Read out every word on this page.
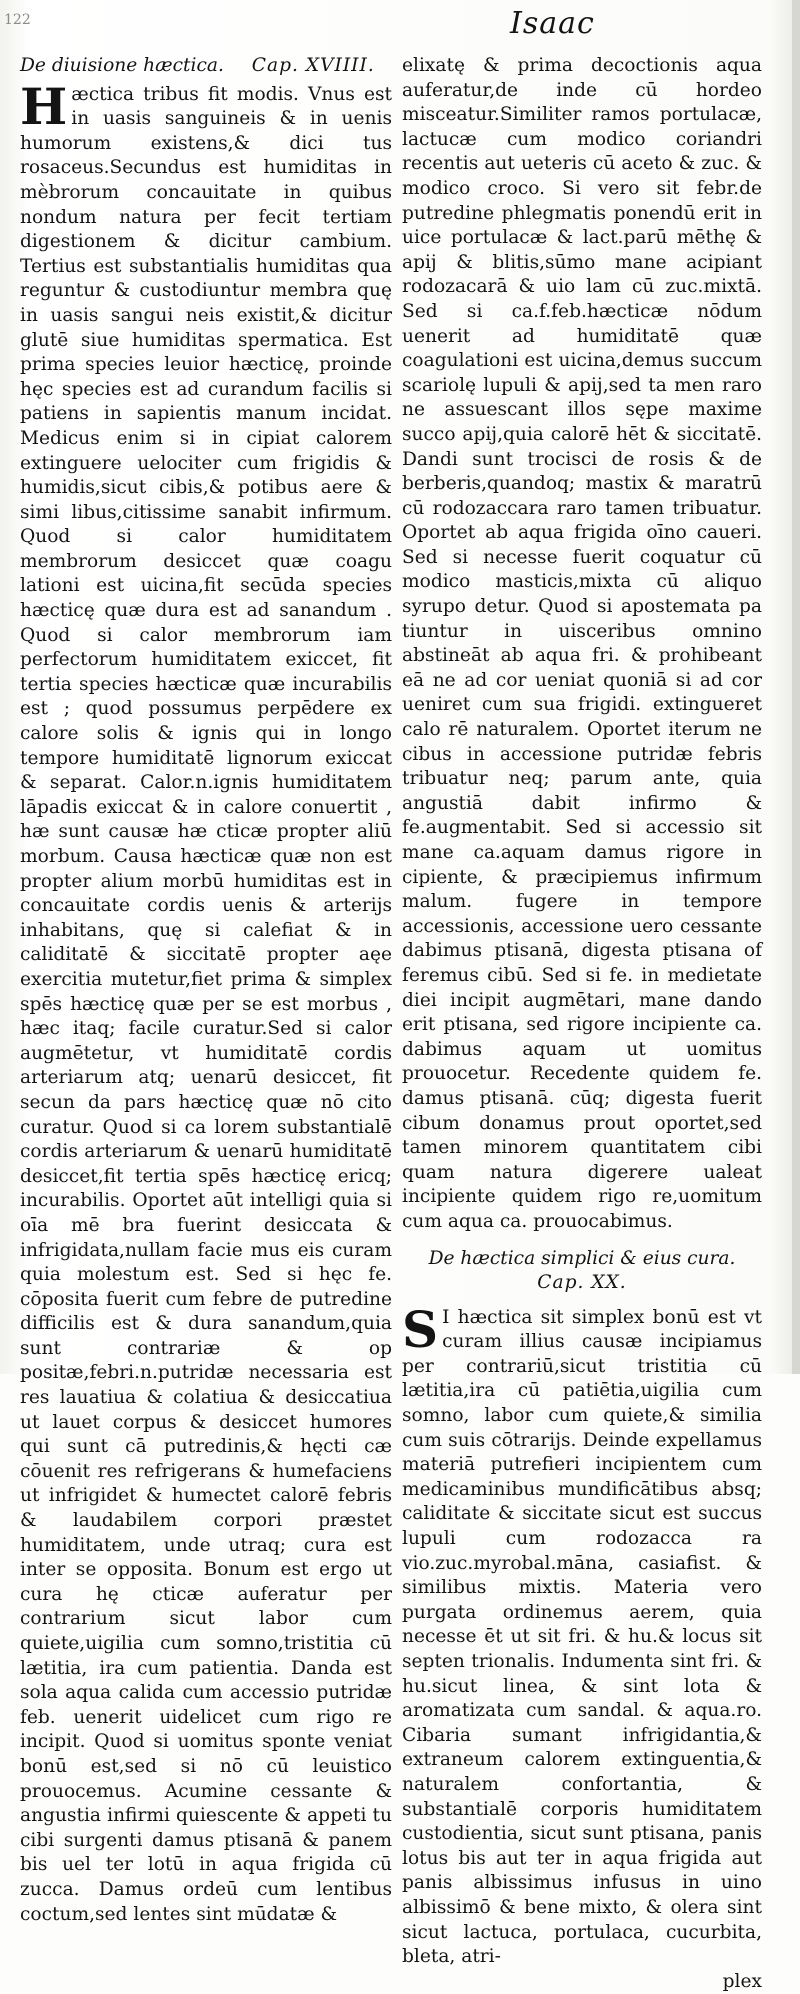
122	Isaac
De diuisione hæctica. Cap. XVIIII.

H æctica tribus fit modis. Vnus est in uasis sanguineis & in uenis humorum existens,& dici tus rosaceus.Secundus est humiditas in mèbrorum concauitate in quibus nondum natura per fecit tertiam digestionem & dicitur cambium. Tertius est substantialis humiditas qua reguntur & custodiuntur membra quę in uasis sangui neis existit,& dicitur glutē siue humiditas spermatica. Est prima species leuior hæcticę, proinde hęc species est ad curandum facilis si patiens in sapientis manum incidat. Medicus enim si in cipiat calorem extinguere uelociter cum frigidis & humidis,sicut cibis,& potibus aere & simi libus,citissime sanabit infirmum. Quod si calor humiditatem membrorum desiccet quæ coagu lationi est uicina,fit secūda species hæcticę quæ dura est ad sanandum . Quod si calor membrorum iam perfectorum humiditatem exiccet, fit tertia species hæcticæ quæ incurabilis est ; quod possumus perpēdere ex calore solis & ignis qui in longo tempore humiditatē lignorum exiccat & separat. Calor.n.ignis humiditatem lāpadis exiccat & in calore conuertit , hæ sunt causæ hæ cticæ propter aliū morbum. Causa hæcticæ quæ non est propter alium morbū humiditas est in concauitate cordis uenis & arterijs inhabitans, quę si calefiat & in caliditatē & siccitatē propter aęe exercitia mutetur,fiet prima & simplex spēs hæcticę quæ per se est morbus , hæc itaq; facile curatur.Sed si calor augmētetur, vt humiditatē cordis arteriarum atq; uenarū desiccet, fit secun da pars hæcticę quæ nō cito curatur. Quod si ca lorem substantialē cordis arteriarum & uenarū humiditatē desiccet,fit tertia spēs hæcticę ericq; incurabilis. Oportet aūt intelligi quia si oīa mē bra fuerint desiccata & infrigidata,nullam facie mus eis curam quia molestum est. Sed si hęc fe. cōposita fuerit cum febre de putredine difficilis est & dura sanandum,quia sunt contrariæ & op positæ,febri.n.putridæ necessaria est res lauatiua & colatiua & desiccatiua ut lauet corpus & desiccet humores qui sunt cā putredinis,& hęcti cæ cōuenit res refrigerans & humefaciens ut infrigidet & humectet calorē febris & laudabilem corpori præstet humiditatem, unde utraq; cura est inter se opposita. Bonum est ergo ut cura hę cticæ auferatur per contrarium sicut labor cum quiete,uigilia cum somno,tristitia cū lætitia, ira cum patientia. Danda est sola aqua calida cum accessio putridæ feb. uenerit uidelicet cum rigo re incipit. Quod si uomitus sponte veniat bonū est,sed si nō cū leuistico prouocemus. Acumine cessante & angustia infirmi quiescente & appeti tu cibi surgenti damus ptisanā & panem bis uel ter lotū in aqua frigida cū zucca. Damus ordeū cum lentibus coctum,sed lentes sint mūdatæ &

elixatę & prima decoctionis aqua auferatur,de inde cū hordeo misceatur.Similiter ramos portulacæ, lactucæ cum modico coriandri recentis aut ueteris cū aceto & zuc. & modico croco. Si vero sit febr.de putredine phlegmatis ponendū erit in uice portulacæ & lact.parū mēthę & apij & blitis,sūmo mane acipiant rodozacarā & uio lam cū zuc.mixtā. Sed si ca.f.feb.hæcticæ nōdum uenerit ad humiditatē quæ coagulationi est uicina,demus succum scariolę lupuli & apij,sed ta men raro ne assuescant illos sępe maxime succo apij,quia calorē hēt & siccitatē. Dandi sunt trocisci de rosis & de berberis,quandoq; mastix & maratrū cū rodozaccara raro tamen tribuatur. Oportet ab aqua frigida oīno caueri. Sed si necesse fuerit coquatur cū modico masticis,mixta cū aliquo syrupo detur. Quod si apostemata pa tiuntur in uisceribus omnino abstineāt ab aqua fri. & prohibeant eā ne ad cor ueniat quoniā si ad cor ueniret cum sua frigidi. extingueret calo rē naturalem. Oportet iterum ne cibus in accessione putridæ febris tribuatur neq; parum ante, quia angustiā dabit infirmo & fe.augmentabit. Sed si accessio sit mane ca.aquam damus rigore in cipiente, & præcipiemus infirmum malum. fugere in tempore accessionis, accessione uero cessante dabimus ptisanā, digesta ptisana of feremus cibū. Sed si fe. in medietate diei incipit augmētari, mane dando erit ptisana, sed rigore incipiente ca. dabimus aquam ut uomitus prouocetur. Recedente quidem fe. damus ptisanā. cūq; digesta fuerit cibum donamus prout oportet,sed tamen minorem quantitatem cibi quam natura digerere ualeat incipiente quidem rigo re,uomitum cum aqua ca. prouocabimus.

De hæctica simplici & eius cura.
Cap. XX.

S I hæctica sit simplex bonū est vt curam illius causæ incipiamus per contrariū,sicut tristitia cū lætitia,ira cū patiētia,uigilia cum somno, labor cum quiete,& similia cum suis cōtrarijs. Deinde expellamus materiā putrefieri incipientem cum medicaminibus mundificātibus absq; caliditate & siccitate sicut est succus lupuli cum rodozacca ra vio.zuc.myrobal.māna, casiafist. & similibus mixtis. Materia vero purgata ordinemus aerem, quia necesse ēt ut sit fri. & hu.& locus sit septen trionalis. Indumenta sint fri. & hu.sicut linea, & sint lota & aromatizata cum sandal. & aqua.ro. Cibaria sumant infrigidantia,& extraneum calorem extinguentia,& naturalem confortantia, & substantialē corporis humiditatem custodientia, sicut sunt ptisana, panis lotus bis aut ter in aqua frigida aut panis albissimus infusus in uino albissimō & bene mixto, & olera sint sicut lactuca, portulaca, cucurbita, bleta, atri-

plex
